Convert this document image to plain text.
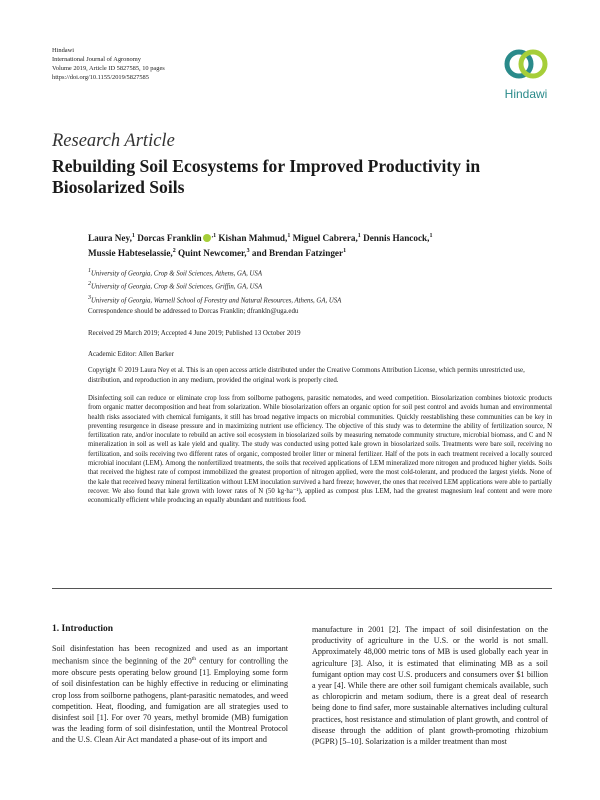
Hindawi
International Journal of Agronomy
Volume 2019, Article ID 5827585, 10 pages
https://doi.org/10.1155/2019/5827585
Hindawi
Research Article
Rebuilding Soil Ecosystems for Improved Productivity in Biosolarized Soils
Laura Ney,$^1$ Dorcas Franklin $^{,1}$ Kishan Mahmud,$^1$ Miguel Cabrera,$^1$ Dennis Hancock,$^1$
Mussie Habteselassie,$^2$ Quint Newcomer,$^3$ and Brendan Fatzinger$^1$
$^1$University of Georgia, Crop & Soil Sciences, Athens, GA, USA
$^2$University of Georgia, Crop & Soil Sciences, Griffin, GA, USA
$^3$University of Georgia, Warnell School of Forestry and Natural Resources, Athens, GA, USA
Correspondence should be addressed to Dorcas Franklin; dfrankln@uga.edu
Received 29 March 2019; Accepted 4 June 2019; Published 13 October 2019
Academic Editor: Allen Barker
Copyright © 2019 Laura Ney et al. This is an open access article distributed under the Creative Commons Attribution License, which permits unrestricted use, distribution, and reproduction in any medium, provided the original work is properly cited.
Disinfecting soil can reduce or eliminate crop loss from soilborne pathogens, parasitic nematodes, and weed competition. Biosolarization combines biotoxic products from organic matter decomposition and heat from solarization. While biosolarization offers an organic option for soil pest control and avoids human and environmental health risks associated with chemical fumigants, it still has broad negative impacts on microbial communities. Quickly reestablishing these communities can be key in preventing resurgence in disease pressure and in maximizing nutrient use efficiency. The objective of this study was to determine the ability of fertilization source, N fertilization rate, and/or inoculate to rebuild an active soil ecosystem in biosolarized soils by measuring nematode community structure, microbial biomass, and C and N mineralization in soil as well as kale yield and quality. The study was conducted using potted kale grown in biosolarized soils. Treatments were bare soil, receiving no fertilization, and soils receiving two different rates of organic, composted broiler litter or mineral fertilizer. Half of the pots in each treatment received a locally sourced microbial inoculant (LEM). Among the nonfertilized treatments, the soils that received applications of LEM mineralized more nitrogen and produced higher yields. Soils that received the highest rate of compost immobilized the greatest proportion of nitrogen applied, were the most cold-tolerant, and produced the largest yields. None of the kale that received heavy mineral fertilization without LEM inoculation survived a hard freeze; however, the ones that received LEM applications were able to partially recover. We also found that kale grown with lower rates of N (50 kg·ha⁻¹), applied as compost plus LEM, had the greatest magnesium leaf content and were more economically efficient while producing an equally abundant and nutritious food.
1. Introduction
Soil disinfestation has been recognized and used as an important mechanism since the beginning of the 20th century for controlling the more obscure pests operating below ground [1]. Employing some form of soil disinfestation can be highly effective in reducing or eliminating crop loss from soilborne pathogens, plant-parasitic nematodes, and weed competition. Heat, flooding, and fumigation are all strategies used to disinfest soil [1]. For over 70 years, methyl bromide (MB) fumigation was the leading form of soil disinfestation, until the Montreal Protocol and the U.S. Clean Air Act mandated a phase-out of its import and
manufacture in 2001 [2]. The impact of soil disinfestation on the productivity of agriculture in the U.S. or the world is not small. Approximately 48,000 metric tons of MB is used globally each year in agriculture [3]. Also, it is estimated that eliminating MB as a soil fumigant option may cost U.S. producers and consumers over $1 billion a year [4]. While there are other soil fumigant chemicals available, such as chloropicrin and metam sodium, there is a great deal of research being done to find safer, more sustainable alternatives including cultural practices, host resistance and stimulation of plant growth, and control of disease through the addition of plant growth-promoting rhizobium (PGPR) [5–10]. Solarization is a milder treatment than most
